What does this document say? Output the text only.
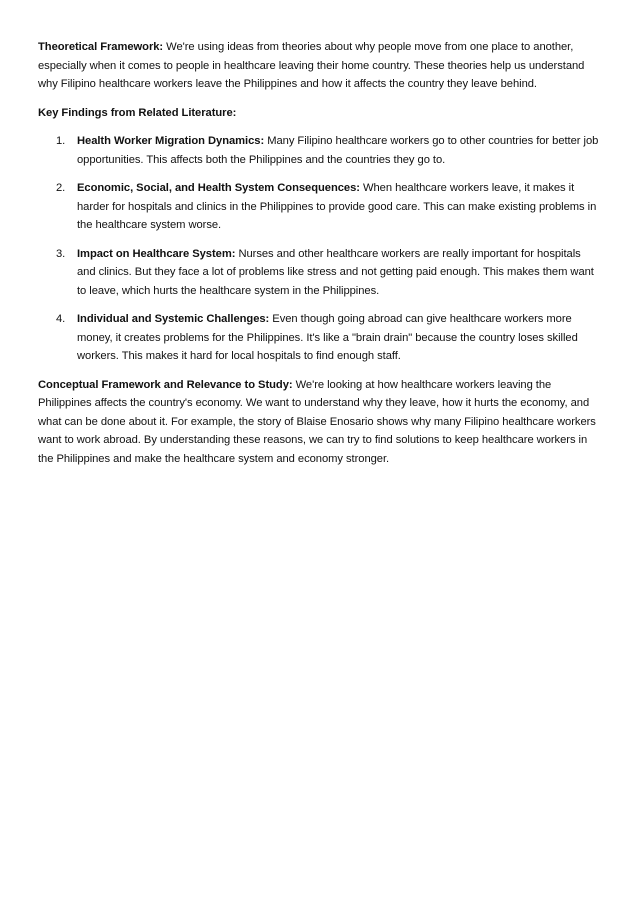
Theoretical Framework: We're using ideas from theories about why people move from one place to another, especially when it comes to people in healthcare leaving their home country. These theories help us understand why Filipino healthcare workers leave the Philippines and how it affects the country they leave behind.

Key Findings from Related Literature:
1. Health Worker Migration Dynamics: Many Filipino healthcare workers go to other countries for better job opportunities. This affects both the Philippines and the countries they go to.
2. Economic, Social, and Health System Consequences: When healthcare workers leave, it makes it harder for hospitals and clinics in the Philippines to provide good care. This can make existing problems in the healthcare system worse.
3. Impact on Healthcare System: Nurses and other healthcare workers are really important for hospitals and clinics. But they face a lot of problems like stress and not getting paid enough. This makes them want to leave, which hurts the healthcare system in the Philippines.
4. Individual and Systemic Challenges: Even though going abroad can give healthcare workers more money, it creates problems for the Philippines. It's like a "brain drain" because the country loses skilled workers. This makes it hard for local hospitals to find enough staff.

Conceptual Framework and Relevance to Study: We're looking at how healthcare workers leaving the Philippines affects the country's economy. We want to understand why they leave, how it hurts the economy, and what can be done about it. For example, the story of Blaise Enosario shows why many Filipino healthcare workers want to work abroad. By understanding these reasons, we can try to find solutions to keep healthcare workers in the Philippines and make the healthcare system and economy stronger.
